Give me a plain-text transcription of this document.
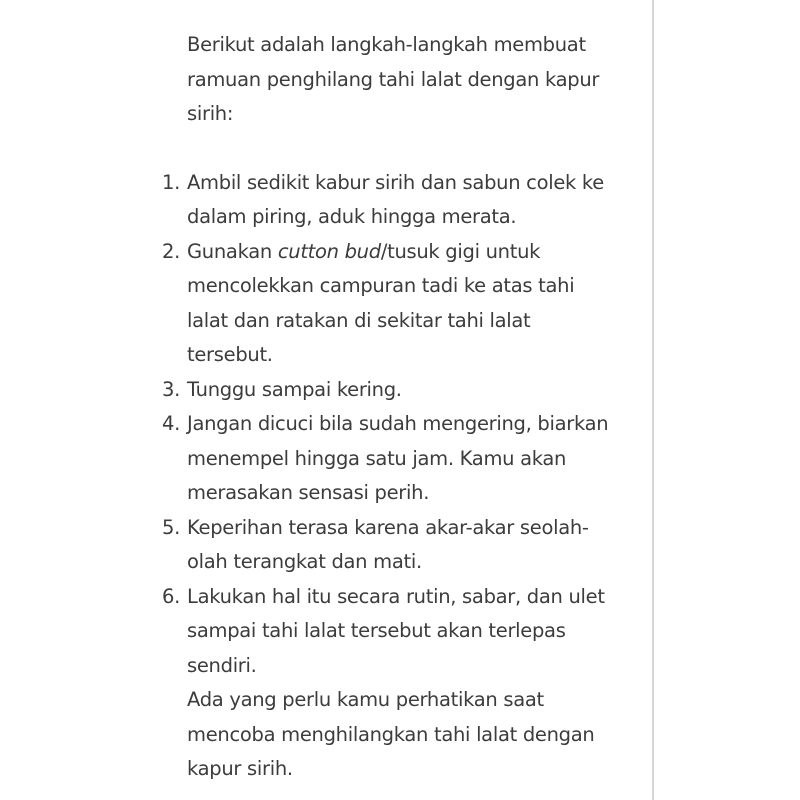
Berikut adalah langkah-langkah membuat ramuan penghilang tahi lalat dengan kapur sirih:

1. Ambil sedikit kabur sirih dan sabun colek ke dalam piring, aduk hingga merata.
2. Gunakan cutton bud/tusuk gigi untuk mencolekkan campuran tadi ke atas tahi lalat dan ratakan di sekitar tahi lalat tersebut.
3. Tunggu sampai kering.
4. Jangan dicuci bila sudah mengering, biarkan menempel hingga satu jam. Kamu akan merasakan sensasi perih.
5. Keperihan terasa karena akar-akar seolah-olah terangkat dan mati.
6. Lakukan hal itu secara rutin, sabar, dan ulet sampai tahi lalat tersebut akan terlepas sendiri.

Ada yang perlu kamu perhatikan saat mencoba menghilangkan tahi lalat dengan kapur sirih.
